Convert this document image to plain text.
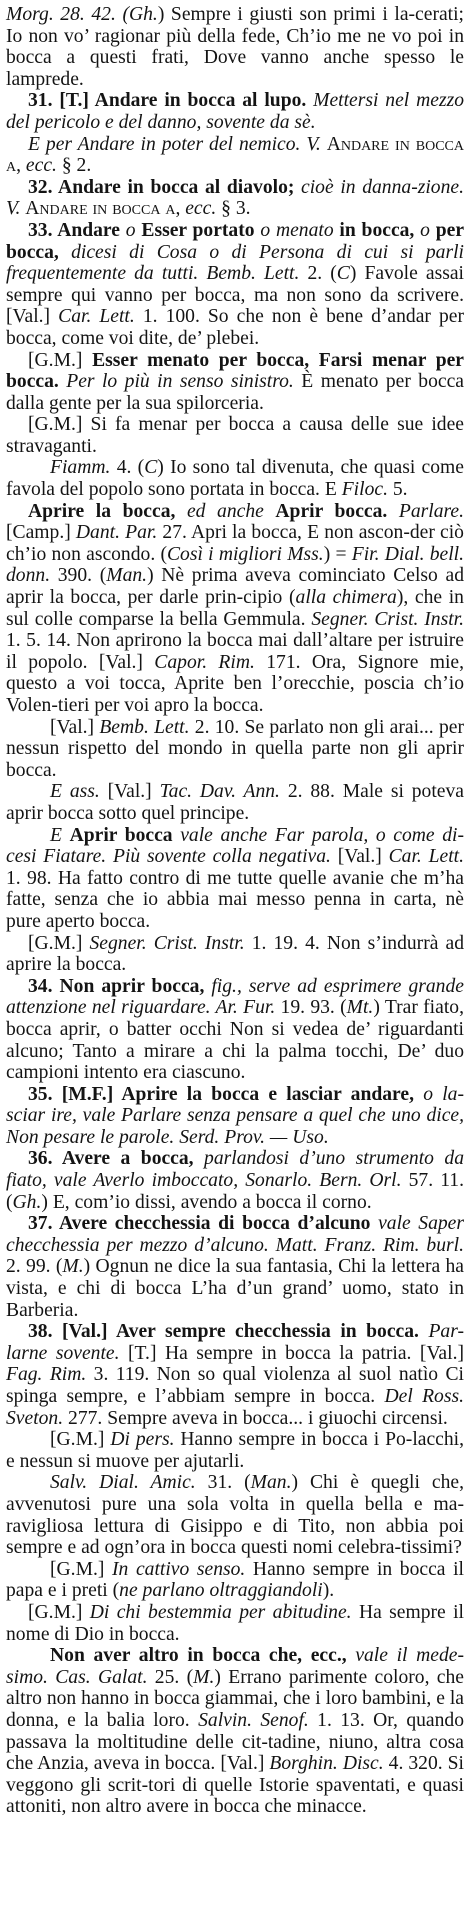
Morg. 28. 42. (Gh.) Sempre i giusti son primi i la-cerati; Io non vo’ ragionar più della fede, Ch’io me ne vo poi in bocca a questi frati, Dove vanno anche spesso le lamprede.

31. [T.] Andare in bocca al lupo. Mettersi nel mezzo del pericolo e del danno, sovente da sè.

E per Andare in poter del nemico. V. Andare in bocca a, ecc. § 2.

32. Andare in bocca al diavolo; cioè in danna-zione. V. Andare in bocca a, ecc. § 3.

33. Andare o Esser portato o menato in bocca, o per bocca, dicesi di Cosa o di Persona di cui si parli frequentemente da tutti. Bemb. Lett. 2. (C) Favole assai sempre qui vanno per bocca, ma non sono da scrivere. [Val.] Car. Lett. 1. 100. So che non è bene d’andar per bocca, come voi dite, de’ plebei.

[G.M.] Esser menato per bocca, Farsi menar per bocca. Per lo più in senso sinistro. È menato per bocca dalla gente per la sua spilorceria.

[G.M.] Si fa menar per bocca a causa delle sue idee stravaganti.

Fiamm. 4. (C) Io sono tal divenuta, che quasi come favola del popolo sono portata in bocca. E Filoc. 5.

Aprire la bocca, ed anche Aprir bocca. Parlare. [Camp.] Dant. Par. 27. Apri la bocca, E non ascon-der ciò ch’io non ascondo. (Così i migliori Mss.) = Fir. Dial. bell. donn. 390. (Man.) Nè prima aveva cominciato Celso ad aprir la bocca, per darle prin-cipio (alla chimera), che in sul colle comparse la bella Gemmula. Segner. Crist. Instr. 1. 5. 14. Non aprirono la bocca mai dall’altare per istruire il popolo. [Val.] Capor. Rim. 171. Ora, Signore mie, questo a voi tocca, Aprite ben l’orecchie, poscia ch’io Volen-tieri per voi apro la bocca.

[Val.] Bemb. Lett. 2. 10. Se parlato non gli arai... per nessun rispetto del mondo in quella parte non gli aprir bocca.

E ass. [Val.] Tac. Dav. Ann. 2. 88. Male si poteva aprir bocca sotto quel principe.

E Aprir bocca vale anche Far parola, o come di-cesi Fiatare. Più sovente colla negativa. [Val.] Car. Lett. 1. 98. Ha fatto contro di me tutte quelle avanie che m’ha fatte, senza che io abbia mai messo penna in carta, nè pure aperto bocca.

[G.M.] Segner. Crist. Instr. 1. 19. 4. Non s’indurrà ad aprire la bocca.

34. Non aprir bocca, fig., serve ad esprimere grande attenzione nel riguardare. Ar. Fur. 19. 93. (Mt.) Trar fiato, bocca aprir, o batter occhi Non si vedea de’ riguardanti alcuno; Tanto a mirare a chi la palma tocchi, De’ duo campioni intento era ciascuno.

35. [M.F.] Aprire la bocca e lasciar andare, o la-sciar ire, vale Parlare senza pensare a quel che uno dice, Non pesare le parole. Serd. Prov. — Uso.

36. Avere a bocca, parlandosi d’uno strumento da fiato, vale Averlo imboccato, Sonarlo. Bern. Orl. 57. 11. (Gh.) E, com’io dissi, avendo a bocca il corno.

37. Avere checchessia di bocca d’alcuno vale Saper checchessia per mezzo d’alcuno. Matt. Franz. Rim. burl. 2. 99. (M.) Ognun ne dice la sua fantasia, Chi la lettera ha vista, e chi di bocca L’ha d’un grand’ uomo, stato in Barberia.

38. [Val.] Aver sempre checchessia in bocca. Par-larne sovente. [T.] Ha sempre in bocca la patria. [Val.] Fag. Rim. 3. 119. Non so qual violenza al suol natìo Ci spinga sempre, e l’abbiam sempre in bocca. Del Ross. Sveton. 277. Sempre aveva in bocca... i giuochi circensi.

[G.M.] Di pers. Hanno sempre in bocca i Po-lacchi, e nessun si muove per ajutarli.

Salv. Dial. Amic. 31. (Man.) Chi è quegli che, avvenutosi pure una sola volta in quella bella e ma-ravigliosa lettura di Gisippo e di Tito, non abbia poi sempre e ad ogn’ora in bocca questi nomi celebra-tissimi?

[G.M.] In cattivo senso. Hanno sempre in bocca il papa e i preti (ne parlano oltraggiandoli).

[G.M.] Di chi bestemmia per abitudine. Ha sempre il nome di Dio in bocca.

Non aver altro in bocca che, ecc., vale il mede-simo. Cas. Galat. 25. (M.) Errano parimente coloro, che altro non hanno in bocca giammai, che i loro bambini, e la donna, e la balia loro. Salvin. Senof. 1. 13. Or, quando passava la moltitudine delle cit-tadine, niuno, altra cosa che Anzia, aveva in bocca. [Val.] Borghin. Disc. 4. 320. Si veggono gli scrit-tori di quelle Istorie spaventati, e quasi attoniti, non altro avere in bocca che minacce.
